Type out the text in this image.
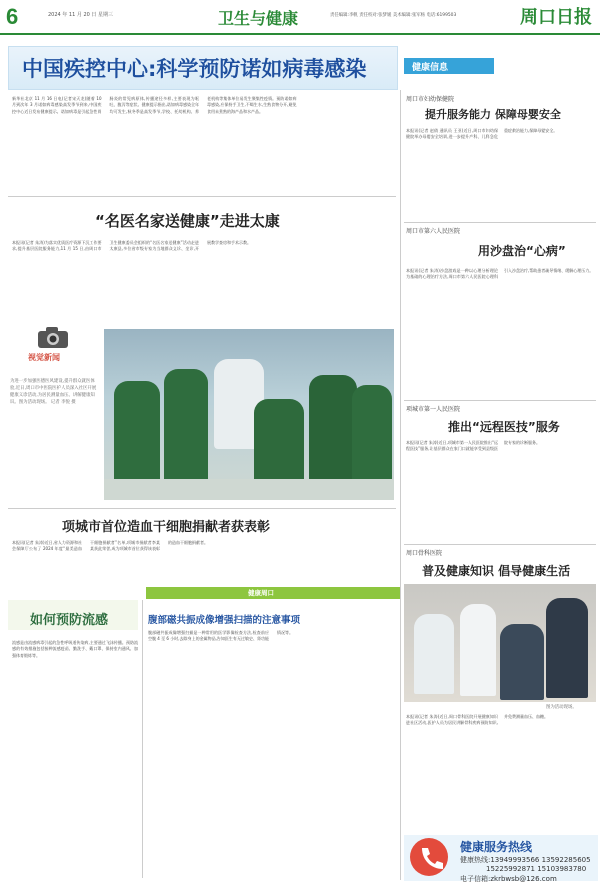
6	2024 年 11 月 20 日 星期三	卫生与健康	责任编辑:李帆 责任校对:张梦媛 美术编辑:张军杨 电话:6199503	周口日报
中国疾控中心:科学预防诺如病毒感染	健康信息
新华社北京 11 月 16 日电(记者宋天龙)随着 10 月到次年 3 月诺如病毒感染高发季节到来,中国疾控中心近日发布健康提示。诺如病毒是引起急性胃肠炎的常见病原体,传播途径多样,主要表现为呕吐、腹泻等症状。健康提示指出,诺如病毒感染全年均可发生,秋冬季是高发季节,学校、托幼机构、养老机构等集体单位易发生聚集性疫情。预防诺如病毒感染,应保持手卫生,不喝生水,生熟食物分开,避免食用未煮熟的海产品和水产品。
“名医名家送健康”走进太康
本报讯(记者 朱涛)为落实优质医疗资源下沉工作要求,提升基层医院服务能力,11 月 15 日,由周口市卫生健康委员会组织的“名医名家送健康”活动走进太康县,多位省市级专家为当地群众义诊、坐诊,开展教学查房和手术示教。
视觉新闻
为进一步加强医德医风建设,提升群众就医体验,近日,周口市中医院医护人员深入社区开展健康义诊活动,为居民测量血压、讲解健康知识。图为活动现场。 记者 李悦 摄
项城市首位造血干细胞捐献者获表彰
本报讯(记者 朱涛)近日,省人力资源和社会保障厅公布了 2024 年度“最美造血干细胞捐献者”名单,项城市捐献者李某某获此荣誉,成为项城市首位获得该表彰的造血干细胞捐献者。
健康周口
如何预防流感
流感是由流感病毒引起的急性呼吸道传染病,主要通过飞沫传播。预防流感的有效措施包括接种流感疫苗、勤洗手、戴口罩、保持室内通风、加强体育锻炼等。
腹部磁共振成像增强扫描的注意事项
腹部磁共振成像增强扫描是一种常用的医学影像检查方法,检查前应空腹 4 至 6 小时,去除身上的金属物品,告知医生有无过敏史、肾功能情况等。
周口市妇幼保健院
提升服务能力 保障母婴安全
本报讯(记者 赵倩 通讯员 王亚)近日,周口市妇幼保健院举办母婴安全培训,进一步提升产科、儿科急危重症救治能力,保障母婴安全。
周口市第六人民医院
用沙盘治“心病”
本报讯(记者 朱涛)沙盘游戏是一种以心理分析理论为基础的心理治疗方法,周口市第六人民医院心理科引入沙盘治疗,帮助患者疏导情绪、缓解心理压力。
项城市第一人民医院
推出“远程医技”服务
本报讯(记者 朱涛)近日,项城市第一人民医院推出“远程医技”服务,让基层群众在家门口就能享受到县级医院专家的诊断服务。
周口骨科医院
普及健康知识 倡导健康生活
图为活动现场。
本报讯(记者 朱涛)近日,周口骨科医院开展健康知识进社区活动,医护人员为居民讲解骨科疾病预防知识,并免费测量血压、血糖。
健康服务热线
健康热线:13949993566 13592285605
15225992871 15103983780
电子信箱:zkrbwsb@126.com
